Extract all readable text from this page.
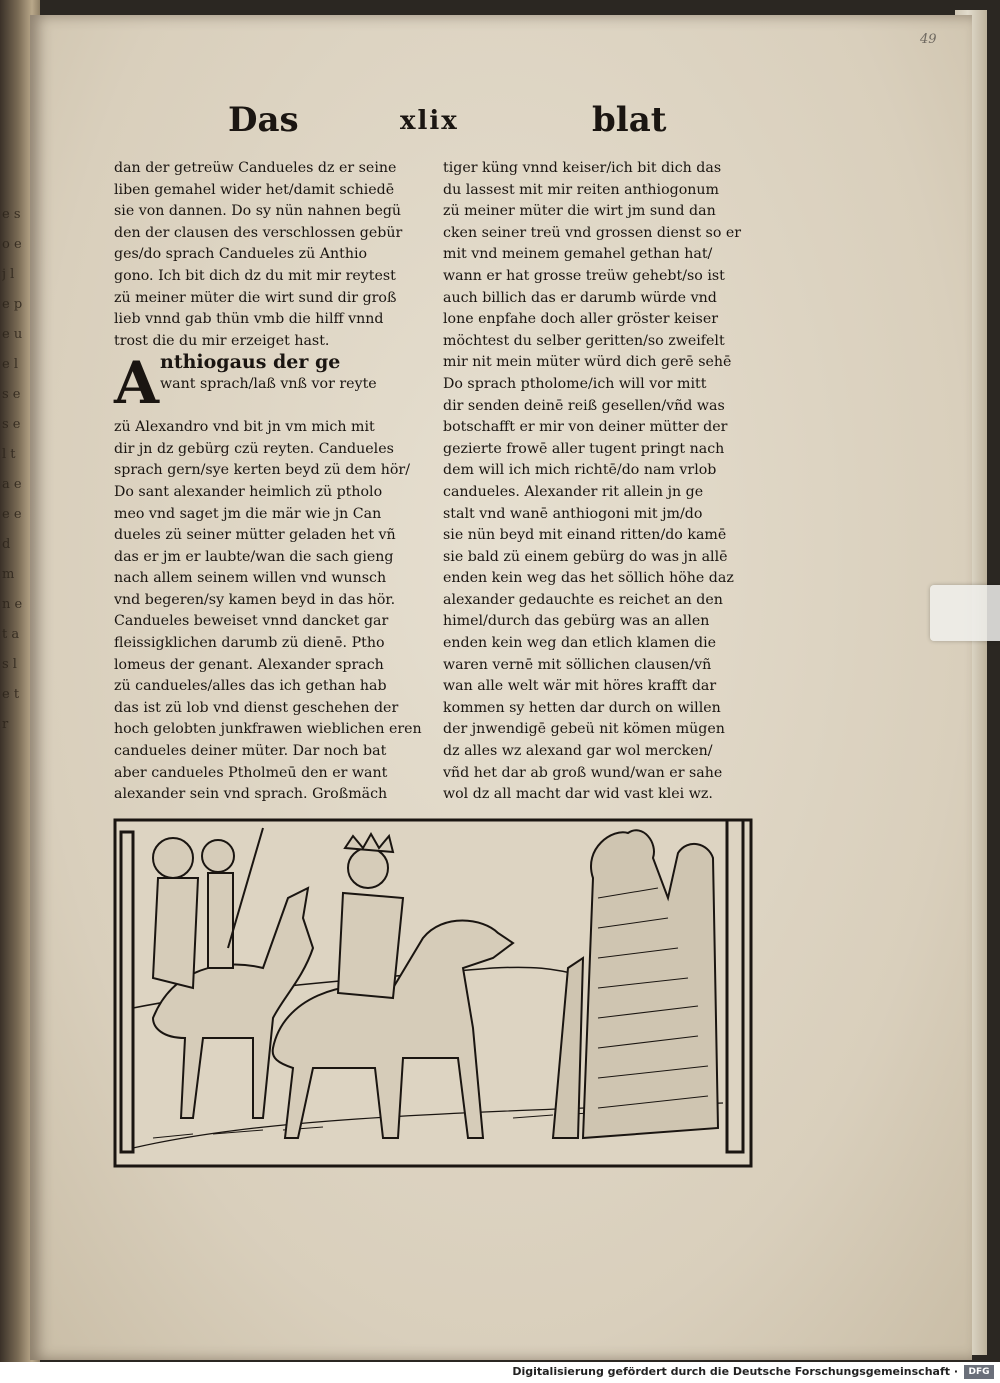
e s o e j l e p e u e l s e s e l t a e e e d m n e t a s l e t r
49
Das	xlix	blat
dan der getreüw Candueles dz er seine
liben gemahel wider het/damit schiedē
sie von dannen. Do sy nün nahnen begü
den der clausen des verschlossen gebür
ges/do sprach Candueles zü Anthio
gono. Ich bit dich dz du mit mir reytest
zü meiner müter die wirt sund dir groß
lieb vnnd gab thün vmb die hilff vnnd
trost die du mir erzeiget hast.
A nthiogaus der ge
want sprach/laß vnß vor reyte
zü Alexandro vnd bit jn vm mich mit
dir jn dz gebürg czü reyten. Candueles
sprach gern/sye kerten beyd zü dem hör/
Do sant alexander heimlich zü ptholo
meo vnd saget jm die mär wie jn Can
dueles zü seiner mütter geladen het vñ
das er jm er laubte/wan die sach gieng
nach allem seinem willen vnd wunsch
vnd begeren/sy kamen beyd in das hör.
Candueles beweiset vnnd dancket gar
fleissigklichen darumb zü dienē. Ptho
lomeus der genant. Alexander sprach
zü candueles/alles das ich gethan hab
das ist zü lob vnd dienst geschehen der
hoch gelobten junkfrawen wieblichen eren
candueles deiner müter. Dar noch bat
aber candueles Ptholmeū den er want
alexander sein vnd sprach. Großmäch
tiger küng vnnd keiser/ich bit dich das
du lassest mit mir reiten anthiogonum
zü meiner müter die wirt jm sund dan
cken seiner treü vnd grossen dienst so er
mit vnd meinem gemahel gethan hat/
wann er hat grosse treüw gehebt/so ist
auch billich das er darumb würde vnd
lone enpfahe doch aller gröster keiser
möchtest du selber geritten/so zweifelt
mir nit mein müter würd dich gerē sehē
Do sprach ptholome/ich will vor mitt
dir senden deinē reiß gesellen/vñd was
botschafft er mir von deiner mütter der
gezierte frowē aller tugent pringt nach
dem will ich mich richtē/do nam vrlob
candueles. Alexander rit allein jn ge
stalt vnd wanē anthiogoni mit jm/do
sie nün beyd mit einand ritten/do kamē
sie bald zü einem gebürg do was jn allē
enden kein weg das het söllich höhe daz
alexander gedauchte es reichet an den
himel/durch das gebürg was an allen
enden kein weg dan etlich klamen die
waren vernē mit söllichen clausen/vñ
wan alle welt wär mit höres krafft dar
kommen sy hetten dar durch on willen
der jnwendigē gebeü nit kömen mügen
dz alles wz alexand gar wol mercken/
vñd het dar ab groß wund/wan er sahe
wol dz all macht dar wid vast klei wz.
Digitalisierung gefördert durch die Deutsche Forschungsgemeinschaft ·	DFG
